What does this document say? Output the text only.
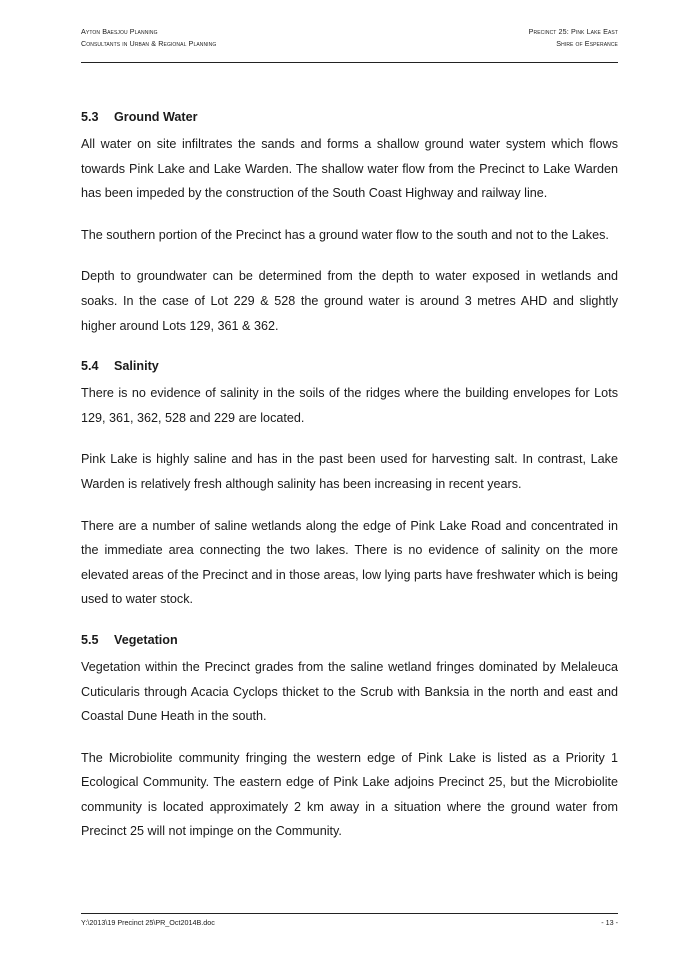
Ayton Baesjou Planning
Consultants in Urban & Regional Planning
Precinct 25: Pink Lake East
Shire of Esperance
5.3	Ground Water

All water on site infiltrates the sands and forms a shallow ground water system which flows towards Pink Lake and Lake Warden. The shallow water flow from the Precinct to Lake Warden has been impeded by the construction of the South Coast Highway and railway line.

The southern portion of the Precinct has a ground water flow to the south and not to the Lakes.

Depth to groundwater can be determined from the depth to water exposed in wetlands and soaks. In the case of Lot 229 & 528 the ground water is around 3 metres AHD and slightly higher around Lots 129, 361 & 362.

5.4	Salinity

There is no evidence of salinity in the soils of the ridges where the building envelopes for Lots 129, 361, 362, 528 and 229 are located.

Pink Lake is highly saline and has in the past been used for harvesting salt. In contrast, Lake Warden is relatively fresh although salinity has been increasing in recent years.

There are a number of saline wetlands along the edge of Pink Lake Road and concentrated in the immediate area connecting the two lakes. There is no evidence of salinity on the more elevated areas of the Precinct and in those areas, low lying parts have freshwater which is being used to water stock.

5.5	Vegetation

Vegetation within the Precinct grades from the saline wetland fringes dominated by Melaleuca Cuticularis through Acacia Cyclops thicket to the Scrub with Banksia in the north and east and Coastal Dune Heath in the south.

The Microbiolite community fringing the western edge of Pink Lake is listed as a Priority 1 Ecological Community. The eastern edge of Pink Lake adjoins Precinct 25, but the Microbiolite community is located approximately 2 km away in a situation where the ground water from Precinct 25 will not impinge on the Community.

Y:\2013\19 Precinct 25\PR_Oct2014B.doc	- 13 -
